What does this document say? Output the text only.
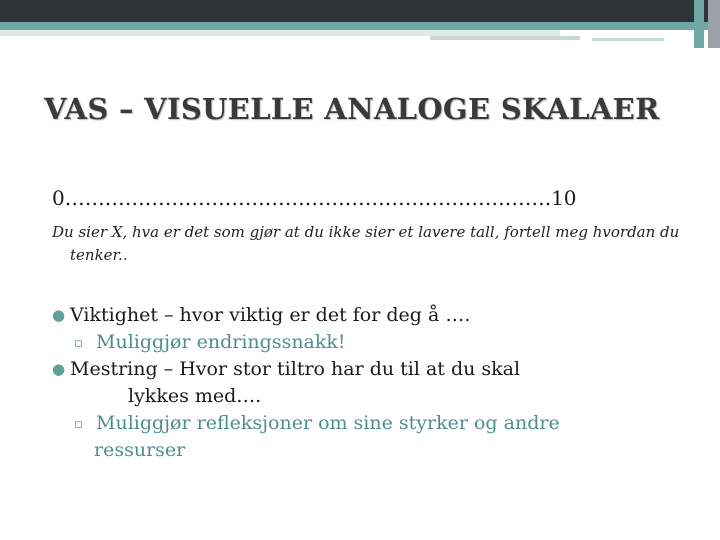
VAS – VISUELLE ANALOGE SKALAER
0……………………………………………………………….10
Du sier X, hva er det som gjør at du ikke sier et lavere tall, fortell meg hvordan du tenker..

● Viktighet – hvor viktig er det for deg å ….

▫ Muliggjør endringssnakk!

● Mestring – Hvor stor tiltro har du til at du skal
lykkes med….

▫ Muliggjør refleksjoner om sine styrker og andre
ressurser
